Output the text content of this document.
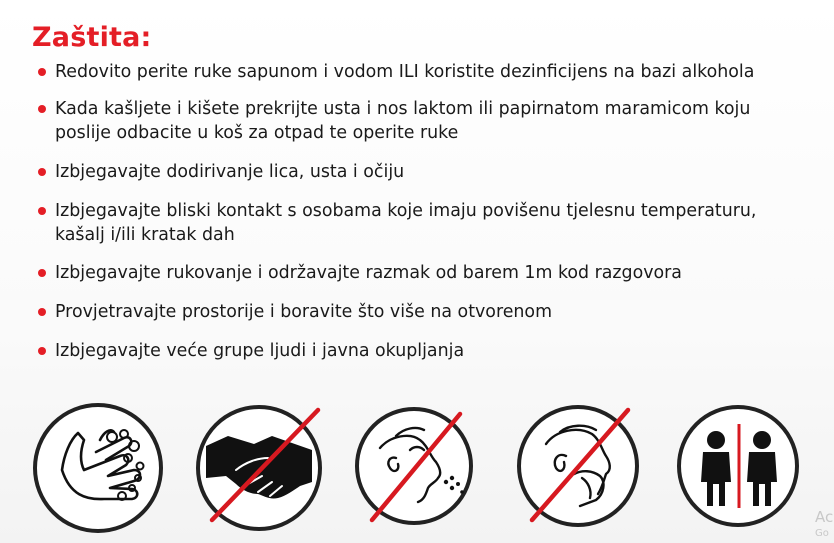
Zaštita:
Redovito perite ruke sapunom i vodom ILI koristite dezinficijens na bazi alkohola
Kada kašljete i kišete prekrijte usta i nos laktom ili papirnatom maramicom koju
poslije odbacite u koš za otpad te operite ruke
Izbjegavajte dodirivanje lica, usta i očiju
Izbjegavajte bliski kontakt s osobama koje imaju povišenu tjelesnu temperaturu,
kašalj i/ili kratak dah
Izbjegavajte rukovanje i održavajte razmak od barem 1m kod razgovora
Provjetravajte prostorije i boravite što više na otvorenom
Izbjegavajte veće grupe ljudi i javna okupljanja
Ac
Go
